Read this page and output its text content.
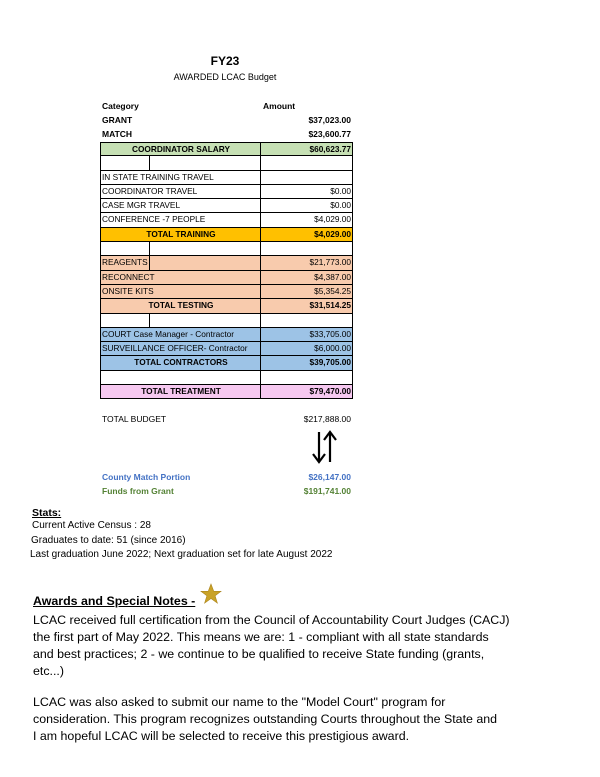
FY23
AWARDED LCAC Budget
Category	Amount
GRANT	$37,023.00
MATCH	$23,600.77
COORDINATOR SALARY	$60,623.77
IN STATE TRAINING TRAVEL
COORDINATOR TRAVEL	$0.00
CASE MGR TRAVEL	$0.00
CONFERENCE -7 PEOPLE	$4,029.00
TOTAL TRAINING	$4,029.00
REAGENTS	$21,773.00
RECONNECT	$4,387.00
ONSITE KITS	$5,354.25
TOTAL TESTING	$31,514.25
COURT Case Manager - Contractor	$33,705.00
SURVEILLANCE OFFICER- Contractor	$6,000.00
TOTAL CONTRACTORS	$39,705.00
TOTAL TREATMENT	$79,470.00
TOTAL BUDGET	$217,888.00
County Match Portion	$26,147.00
Funds from Grant	$191,741.00
Stats:
Current Active Census : 28
Graduates to date: 51 (since 2016)
Last graduation June 2022; Next graduation set for late August 2022
Awards and Special Notes -
LCAC received full certification from the Council of Accountability Court Judges (CACJ)
the first part of May 2022. This means we are: 1 - compliant with all state standards
and best practices; 2 - we continue to be qualified to receive State funding (grants,
etc...)
LCAC was also asked to submit our name to the "Model Court" program for
consideration. This program recognizes outstanding Courts throughout the State and
I am hopeful LCAC will be selected to receive this prestigious award.
